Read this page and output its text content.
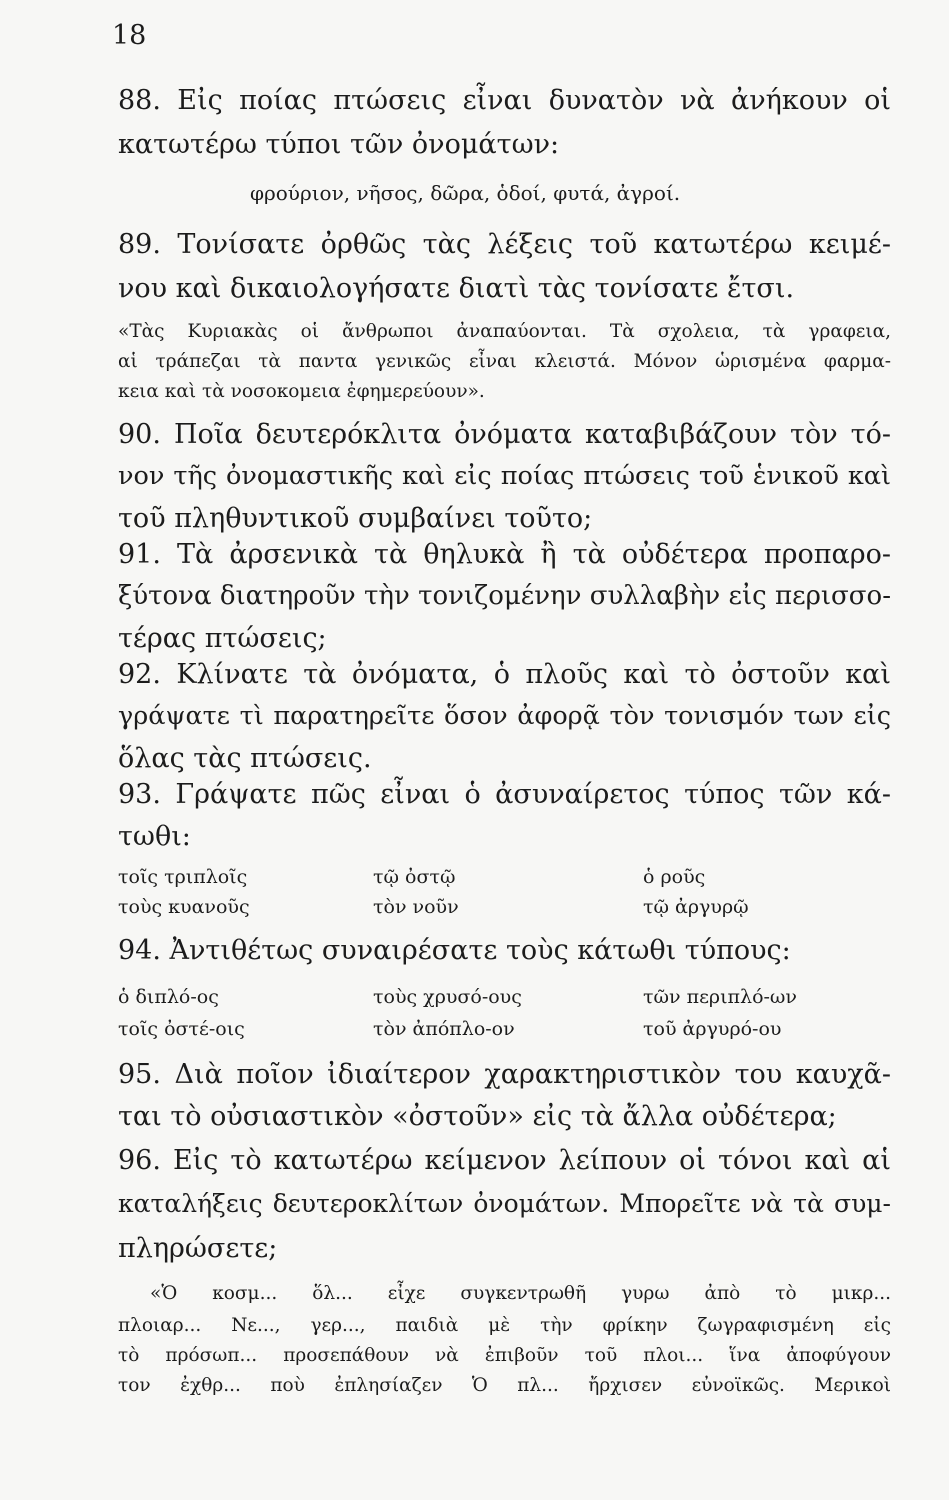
18
88. Εἰς ποίας πτώσεις εἶναι δυνατὸν νὰ ἀνήκουν οἱ
κατωτέρω τύποι τῶν ὀνομάτων:
φρούριον, νῆσος, δῶρα, ὁδοί, φυτά, ἀγροί.
89. Τονίσατε ὀρθῶς τὰς λέξεις τοῦ κατωτέρω κειμέ-
νου καὶ δικαιολογήσατε διατὶ τὰς τονίσατε ἔτσι.
«Τὰς Κυριακὰς οἱ ἄνθρωποι ἀναπαύονται. Τὰ σχολεια, τὰ γραφεια,
αἱ τράπεζαι τὰ παντα γενικῶς εἶναι κλειστά. Μόνον ὡρισμένα φαρμα-
κεια καὶ τὰ νοσοκομεια ἐφημερεύουν».
90. Ποῖα δευτερόκλιτα ὀνόματα καταβιβάζουν τὸν τό-
νον τῆς ὀνομαστικῆς καὶ εἰς ποίας πτώσεις τοῦ ἑνικοῦ καὶ
τοῦ πληθυντικοῦ συμβαίνει τοῦτο;
91. Τὰ ἀρσενικὰ τὰ θηλυκὰ ἢ τὰ οὐδέτερα προπαρο-
ξύτονα διατηροῦν τὴν τονιζομένην συλλαβὴν εἰς περισσο-
τέρας πτώσεις;
92. Κλίνατε τὰ ὀνόματα, ὁ πλοῦς καὶ τὸ ὀστοῦν καὶ
γράψατε τὶ παρατηρεῖτε ὅσον ἀφορᾷ τὸν τονισμόν των εἰς
ὅλας τὰς πτώσεις.
93. Γράψατε πῶς εἶναι ὁ ἀσυναίρετος τύπος τῶν κά-
τωθι:
τοῖς τριπλοῖς	τῷ ὀστῷ	ὁ ροῦς
τοὺς κυανοῦς	τὸν νοῦν	τῷ ἀργυρῷ
94. Ἀντιθέτως συναιρέσατε τοὺς κάτωθι τύπους:
ὁ διπλό-ος	τοὺς χρυσό-ους	τῶν περιπλό-ων
τοῖς ὀστέ-οις	τὸν ἀπόπλο-ον	τοῦ ἀργυρό-ου
95. Διὰ ποῖον ἰδιαίτερον χαρακτηριστικὸν του καυχᾶ-
ται τὸ οὐσιαστικὸν «ὀστοῦν» εἰς τὰ ἄλλα οὐδέτερα;
96. Εἰς τὸ κατωτέρω κείμενον λείπουν οἱ τόνοι καὶ αἱ
καταλήξεις δευτεροκλίτων ὀνομάτων. Μπορεῖτε νὰ τὰ συμ-
πληρώσετε;
«Ὁ κοσμ... ὅλ... εἶχε συγκεντρωθῆ γυρω ἀπὸ τὸ μικρ...
πλοιαρ... Νε..., γερ..., παιδιὰ μὲ τὴν φρίκην ζωγραφισμένη εἰς
τὸ πρόσωπ... προσεπάθουν νὰ ἐπιβοῦν τοῦ πλοι... ἵνα ἀποφύγουν
τον ἐχθρ... ποὺ ἐπλησίαζεν Ὁ πλ... ἤρχισεν εὐνοϊκῶς. Μερικοὶ
